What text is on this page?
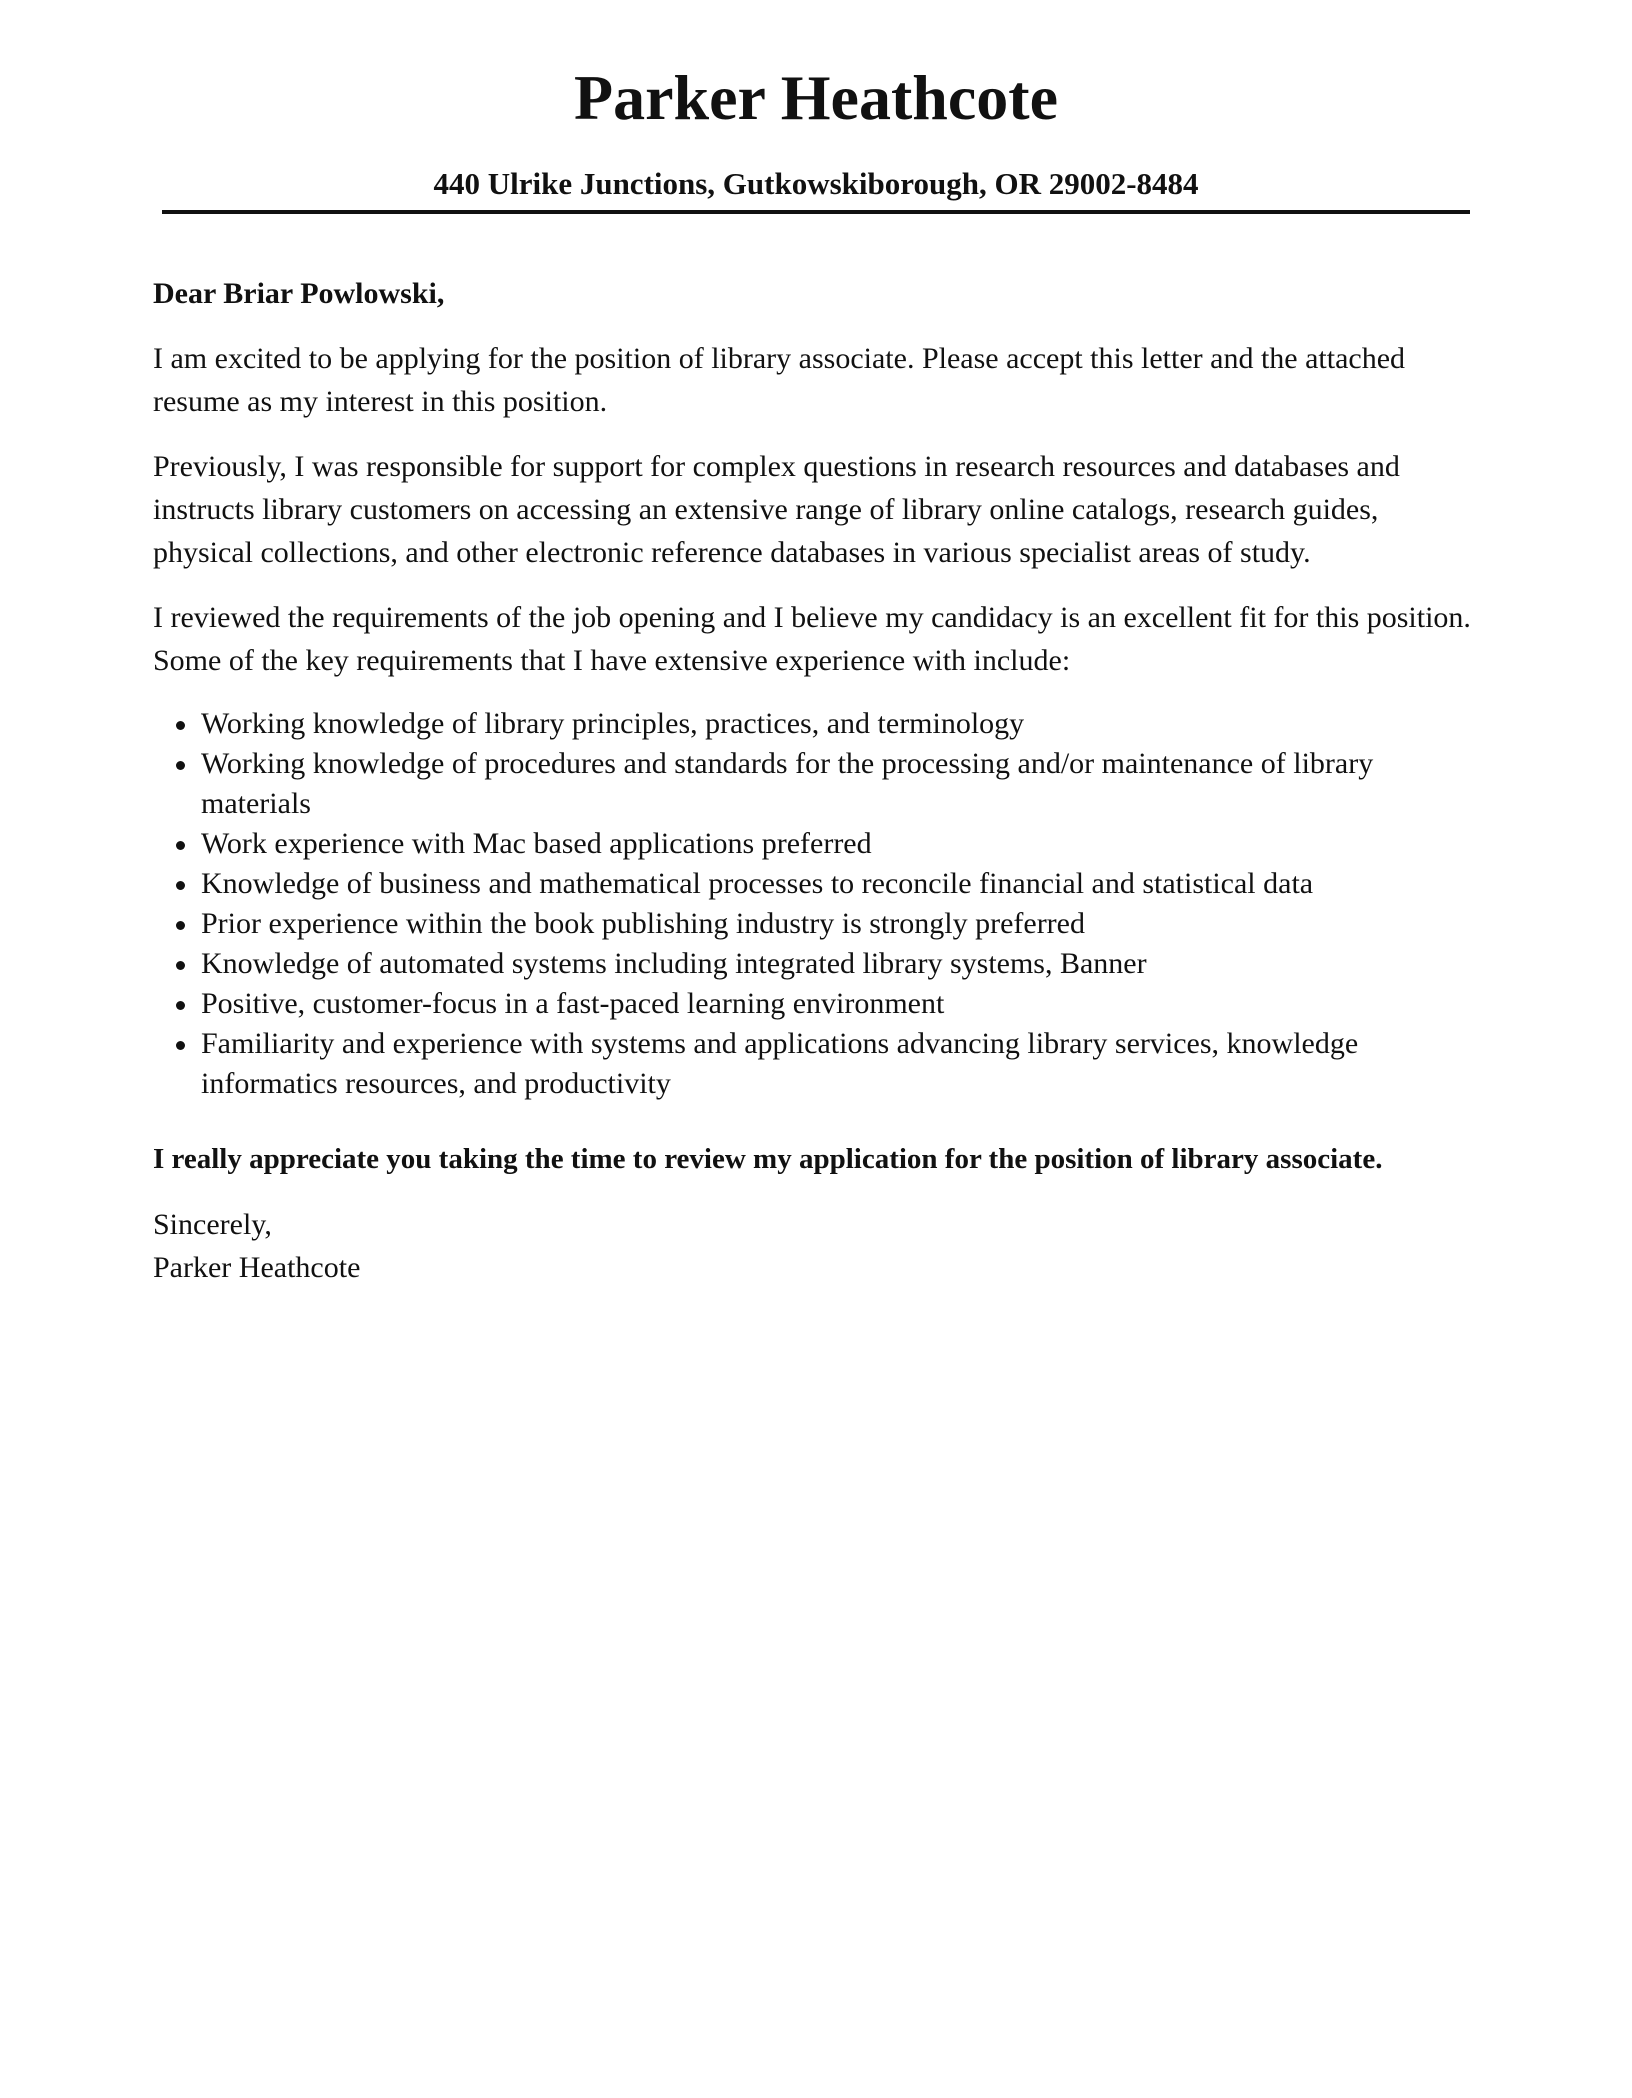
Parker Heathcote
440 Ulrike Junctions, Gutkowskiborough, OR 29002-8484

Dear Briar Powlowski,

I am excited to be applying for the position of library associate. Please accept this letter and the attached resume as my interest in this position.

Previously, I was responsible for support for complex questions in research resources and databases and instructs library customers on accessing an extensive range of library online catalogs, research guides, physical collections, and other electronic reference databases in various specialist areas of study.

I reviewed the requirements of the job opening and I believe my candidacy is an excellent fit for this position. Some of the key requirements that I have extensive experience with include:

Working knowledge of library principles, practices, and terminology
Working knowledge of procedures and standards for the processing and/or maintenance of library materials
Work experience with Mac based applications preferred
Knowledge of business and mathematical processes to reconcile financial and statistical data
Prior experience within the book publishing industry is strongly preferred
Knowledge of automated systems including integrated library systems, Banner
Positive, customer-focus in a fast-paced learning environment
Familiarity and experience with systems and applications advancing library services, knowledge informatics resources, and productivity

I really appreciate you taking the time to review my application for the position of library associate.

Sincerely,

Parker Heathcote
